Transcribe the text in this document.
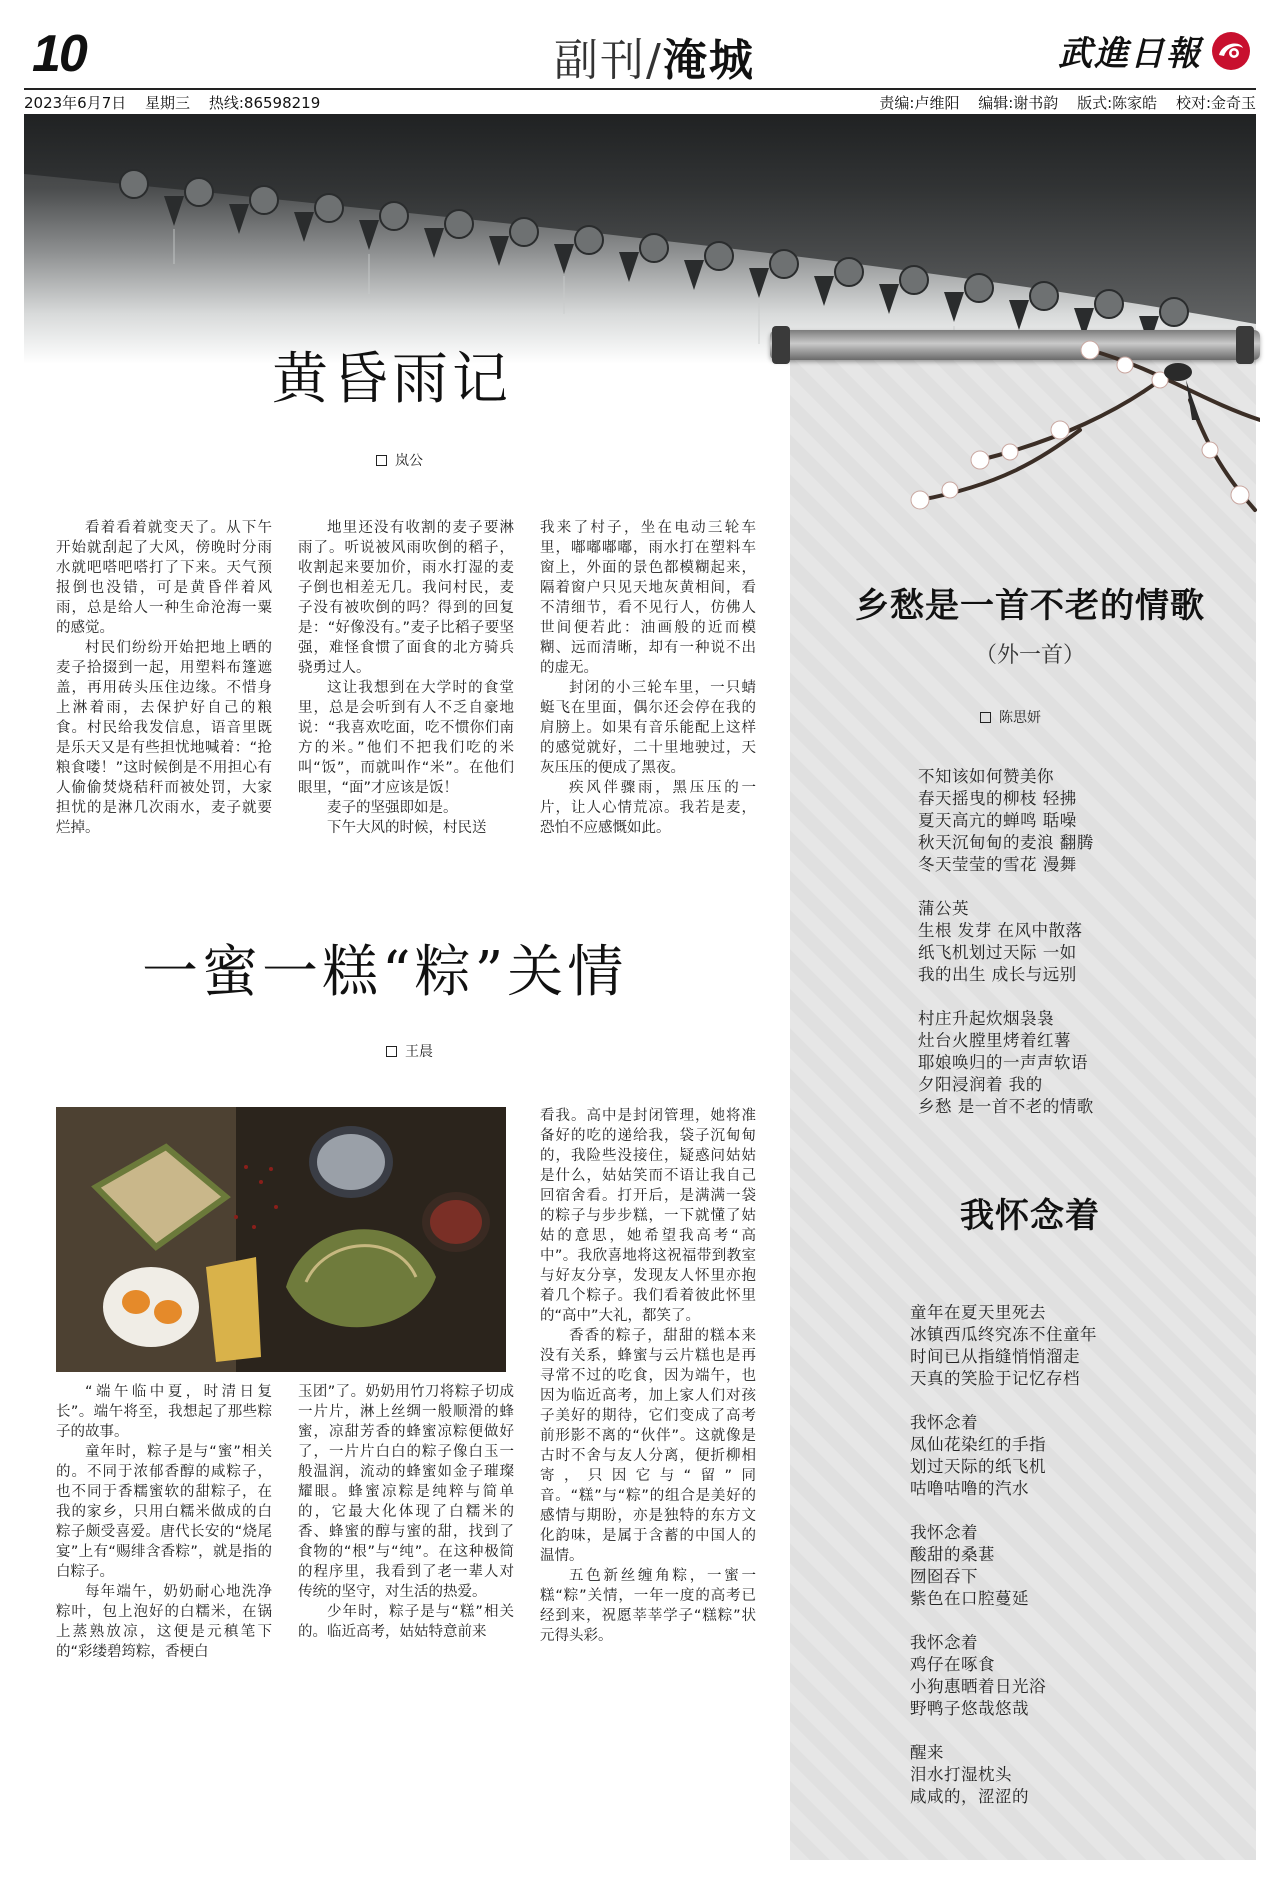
10	副刊/淹城	武進日報
2023年6月7日 星期三 热线:86598219	责编:卢维阳 编辑:谢书韵 版式:陈家皓 校对:金奇玉
黄昏雨记
岚公

看着看着就变天了。从下午开始就刮起了大风，傍晚时分雨水就吧嗒吧嗒打了下来。天气预报倒也没错，可是黄昏伴着风雨，总是给人一种生命沧海一粟的感觉。

村民们纷纷开始把地上晒的麦子拾掇到一起，用塑料布篷遮盖，再用砖头压住边缘。不惜身上淋着雨，去保护好自己的粮食。村民给我发信息，语音里既是乐天又是有些担忧地喊着：“抢粮食喽！”这时候倒是不用担心有人偷偷焚烧秸秆而被处罚，大家担忧的是淋几次雨水，麦子就要烂掉。

地里还没有收割的麦子要淋雨了。听说被风雨吹倒的稻子，收割起来要加价，雨水打湿的麦子倒也相差无几。我问村民，麦子没有被吹倒的吗？得到的回复是：“好像没有。”麦子比稻子要坚强，难怪食惯了面食的北方骑兵骁勇过人。

这让我想到在大学时的食堂里，总是会听到有人不乏自豪地说：“我喜欢吃面，吃不惯你们南方的米。”他们不把我们吃的米叫“饭”，而就叫作“米”。在他们眼里，“面”才应该是饭！

麦子的坚强即如是。

下午大风的时候，村民送

我来了村子，坐在电动三轮车里，嘟嘟嘟嘟，雨水打在塑料车窗上，外面的景色都模糊起来，隔着窗户只见天地灰黄相间，看不清细节，看不见行人，仿佛人世间便若此：油画般的近而模糊、远而清晰，却有一种说不出的虚无。

封闭的小三轮车里，一只蜻蜓飞在里面，偶尔还会停在我的肩膀上。如果有音乐能配上这样的感觉就好，二十里地驶过，天灰压压的便成了黑夜。

疾风伴骤雨，黑压压的一片，让人心情荒凉。我若是麦，恐怕不应感慨如此。

一蜜一糕“粽”关情
王晨

“端午临中夏，时清日复长”。端午将至，我想起了那些粽子的故事。

童年时，粽子是与“蜜”相关的。不同于浓郁香醇的咸粽子，也不同于香糯蜜软的甜粽子，在我的家乡，只用白糯米做成的白粽子颇受喜爱。唐代长安的“烧尾宴”上有“赐绯含香粽”，就是指的白粽子。

每年端午，奶奶耐心地洗净粽叶，包上泡好的白糯米，在锅上蒸熟放凉，这便是元稹笔下的“彩缕碧筠粽，香梗白

玉团”了。奶奶用竹刀将粽子切成一片片，淋上丝绸一般顺滑的蜂蜜，凉甜芳香的蜂蜜凉粽便做好了，一片片白白的粽子像白玉一般温润，流动的蜂蜜如金子璀璨耀眼。蜂蜜凉粽是纯粹与简单的，它最大化体现了白糯米的香、蜂蜜的醇与蜜的甜，找到了食物的“根”与“纯”。在这种极简的程序里，我看到了老一辈人对传统的坚守，对生活的热爱。

少年时，粽子是与“糕”相关的。临近高考，姑姑特意前来

看我。高中是封闭管理，她将准备好的吃的递给我，袋子沉甸甸的，我险些没接住，疑惑问姑姑是什么，姑姑笑而不语让我自己回宿舍看。打开后，是满满一袋的粽子与步步糕，一下就懂了姑姑的意思，她希望我高考“高中”。我欣喜地将这祝福带到教室与好友分享，发现友人怀里亦抱着几个粽子。我们看着彼此怀里的“高中”大礼，都笑了。

香香的粽子，甜甜的糕本来没有关系，蜂蜜与云片糕也是再寻常不过的吃食，因为端午，也因为临近高考，加上家人们对孩子美好的期待，它们变成了高考前形影不离的“伙伴”。这就像是古时不舍与友人分离，便折柳相寄，只因它与“留”同音。“糕”与“粽”的组合是美好的感情与期盼，亦是独特的东方文化韵味，是属于含蓄的中国人的温情。

五色新丝缠角粽，一蜜一糕“粽”关情，一年一度的高考已经到来，祝愿莘莘学子“糕粽”状元得头彩。

乡愁是一首不老的情歌
（外一首）
陈思妍
不知该如何赞美你
春天摇曳的柳枝 轻拂
夏天高亢的蝉鸣 聒噪
秋天沉甸甸的麦浪 翻腾
冬天莹莹的雪花 漫舞
蒲公英
生根 发芽 在风中散落
纸飞机划过天际 一如
我的出生 成长与远别
村庄升起炊烟袅袅
灶台火膛里烤着红薯
耶娘唤归的一声声软语
夕阳浸润着 我的
乡愁 是一首不老的情歌
我怀念着
童年在夏天里死去
冰镇西瓜终究冻不住童年
时间已从指缝悄悄溜走
天真的笑脸于记忆存档
我怀念着
凤仙花染红的手指
划过天际的纸飞机
咕噜咕噜的汽水
我怀念着
酸甜的桑葚
囫囵吞下
紫色在口腔蔓延
我怀念着
鸡仔在啄食
小狗惠晒着日光浴
野鸭子悠哉悠哉
醒来
泪水打湿枕头
咸咸的，涩涩的
